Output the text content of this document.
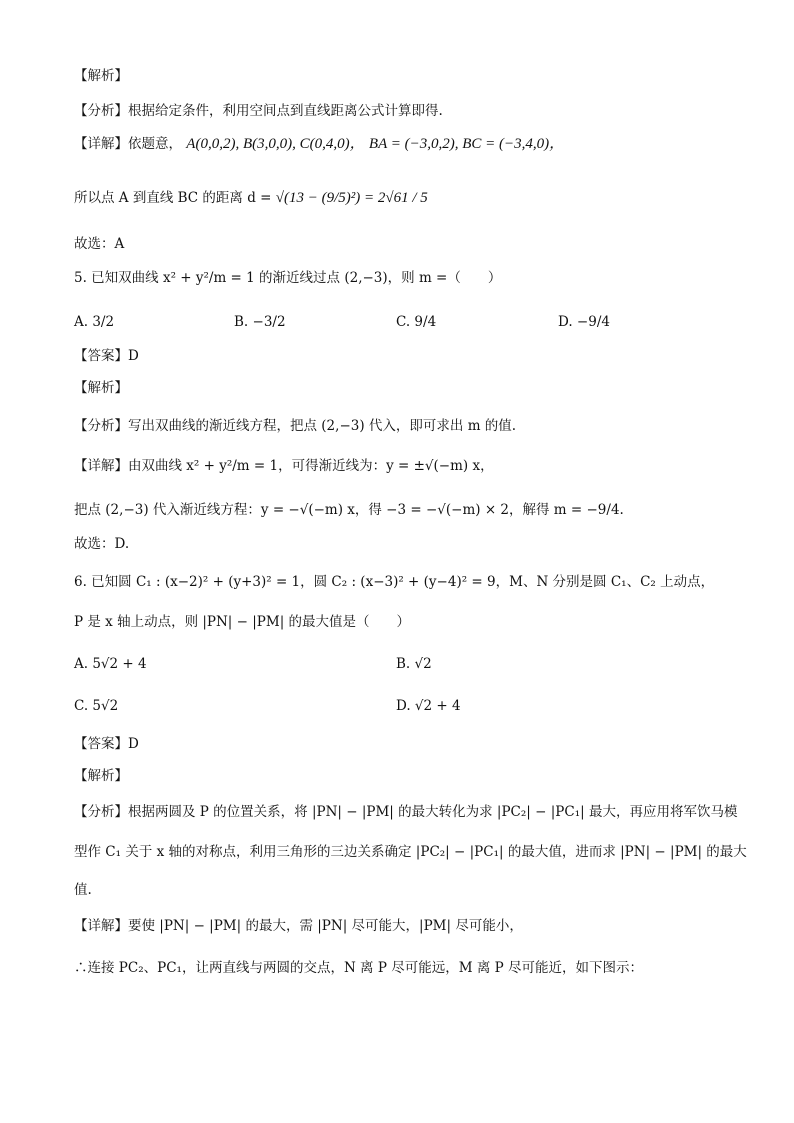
【解析】
【分析】根据给定条件，利用空间点到直线距离公式计算即得.
【详解】依题意， A(0,0,2), B(3,0,0), C(0,4,0)， BA = (−3,0,2), BC = (−3,4,0)，
所以点 A 到直线 BC 的距离 d = √(13 − (9/5)²) = 2√61 / 5
故选：A
5. 已知双曲线 x² + y²/m = 1 的渐近线过点 (2,−3)，则 m =（　　）
A. 3/2	B. −3/2	C. 9/4	D. −9/4
【答案】D
【解析】
【分析】写出双曲线的渐近线方程，把点 (2,−3) 代入，即可求出 m 的值.
【详解】由双曲线 x² + y²/m = 1，可得渐近线为：y = ±√(−m) x，
把点 (2,−3) 代入渐近线方程：y = −√(−m) x，得 −3 = −√(−m) × 2，解得 m = −9/4.
故选：D.
6. 已知圆 C₁ : (x−2)² + (y+3)² = 1，圆 C₂ : (x−3)² + (y−4)² = 9，M、N 分别是圆 C₁、C₂ 上动点，
P 是 x 轴上动点，则 |PN| − |PM| 的最大值是（　　）
A. 5√2 + 4	B. √2
C. 5√2	D. √2 + 4
【答案】D
【解析】
【分析】根据两圆及 P 的位置关系，将 |PN| − |PM| 的最大转化为求 |PC₂| − |PC₁| 最大，再应用将军饮马模
型作 C₁ 关于 x 轴的对称点，利用三角形的三边关系确定 |PC₂| − |PC₁| 的最大值，进而求 |PN| − |PM| 的最大
值.
【详解】要使 |PN| − |PM| 的最大，需 |PN| 尽可能大，|PM| 尽可能小，
∴连接 PC₂、PC₁，让两直线与两圆的交点，N 离 P 尽可能远，M 离 P 尽可能近，如下图示：
